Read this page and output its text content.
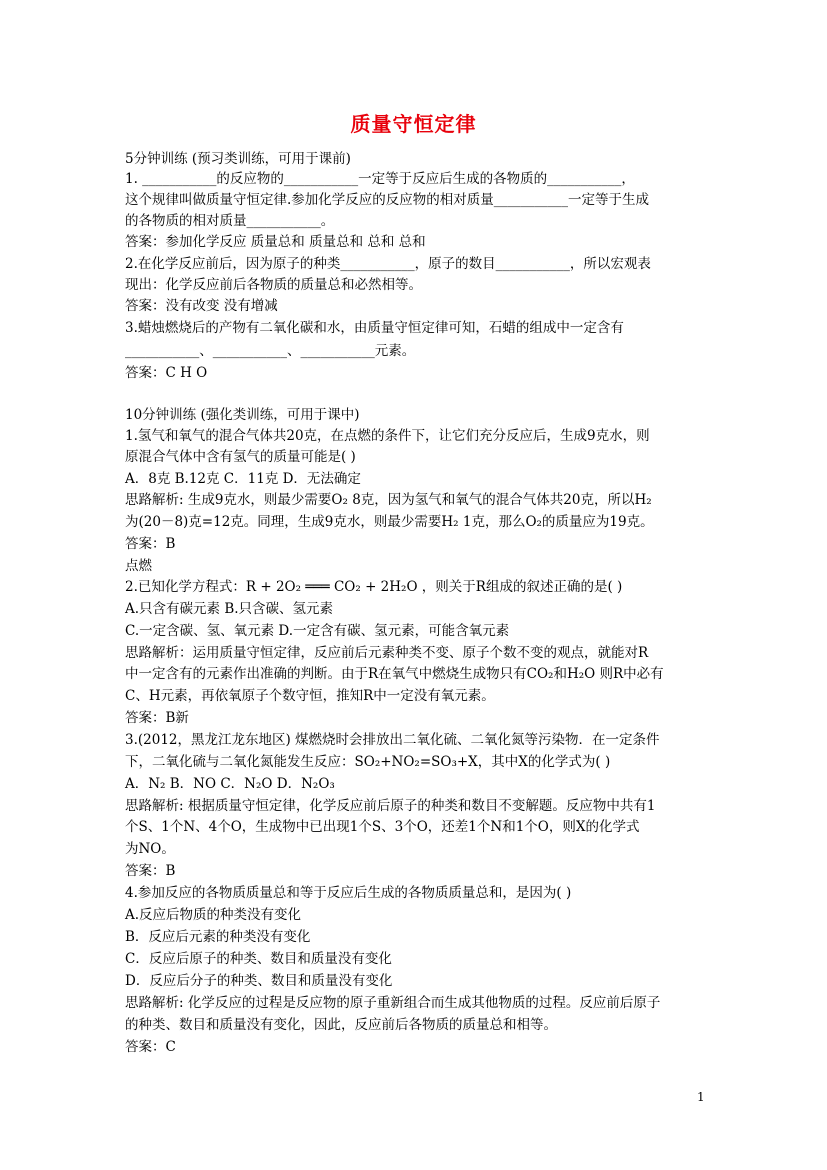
质量守恒定律
5分钟训练 (预习类训练，可用于课前)
1. ___________的反应物的___________一定等于反应后生成的各物质的___________，
这个规律叫做质量守恒定律.参加化学反应的反应物的相对质量___________一定等于生成
的各物质的相对质量___________。
答案：参加化学反应 质量总和 质量总和 总和 总和
2.在化学反应前后，因为原子的种类___________，原子的数目___________，所以宏观表
现出：化学反应前后各物质的质量总和必然相等。
答案：没有改变 没有增减
3.蜡烛燃烧后的产物有二氧化碳和水，由质量守恒定律可知，石蜡的组成中一定含有
___________、___________、___________元素。
答案：C H O
10分钟训练 (强化类训练，可用于课中)
1.氢气和氧气的混合气体共20克，在点燃的条件下，让它们充分反应后，生成9克水，则
原混合气体中含有氢气的质量可能是( )
A．8克 B.12克 C．11克 D．无法确定
思路解析: 生成9克水，则最少需要O₂ 8克，因为氢气和氧气的混合气体共20克，所以H₂
为(20－8)克=12克。同理，生成9克水，则最少需要H₂ 1克，那么O₂的质量应为19克。
答案：B
点燃
2.已知化学方程式：R + 2O₂ ═══ CO₂ + 2H₂O ，则关于R组成的叙述正确的是( )
A.只含有碳元素 B.只含碳、氢元素
C.一定含碳、氢、氧元素 D.一定含有碳、氢元素，可能含氧元素
思路解析：运用质量守恒定律，反应前后元素种类不变、原子个数不变的观点，就能对R
中一定含有的元素作出准确的判断。由于R在氧气中燃烧生成物只有CO₂和H₂O 则R中必有
C、H元素，再依氧原子个数守恒，推知R中一定没有氧元素。
答案：B新
3.(2012，黑龙江龙东地区) 煤燃烧时会排放出二氧化硫、二氧化氮等污染物．在一定条件
下，二氧化硫与二氧化氮能发生反应：SO₂+NO₂=SO₃+X，其中X的化学式为( )
A．N₂ B．NO C．N₂O D．N₂O₃
思路解析: 根据质量守恒定律，化学反应前后原子的种类和数目不变解题。反应物中共有1
个S、1个N、4个O，生成物中已出现1个S、3个O，还差1个N和1个O，则X的化学式
为NO。
答案：B
4.参加反应的各物质质量总和等于反应后生成的各物质质量总和，是因为( )
A.反应后物质的种类没有变化
B．反应后元素的种类没有变化
C．反应后原子的种类、数目和质量没有变化
D．反应后分子的种类、数目和质量没有变化
思路解析: 化学反应的过程是反应物的原子重新组合而生成其他物质的过程。反应前后原子
的种类、数目和质量没有变化，因此，反应前后各物质的质量总和相等。
答案：C
1
